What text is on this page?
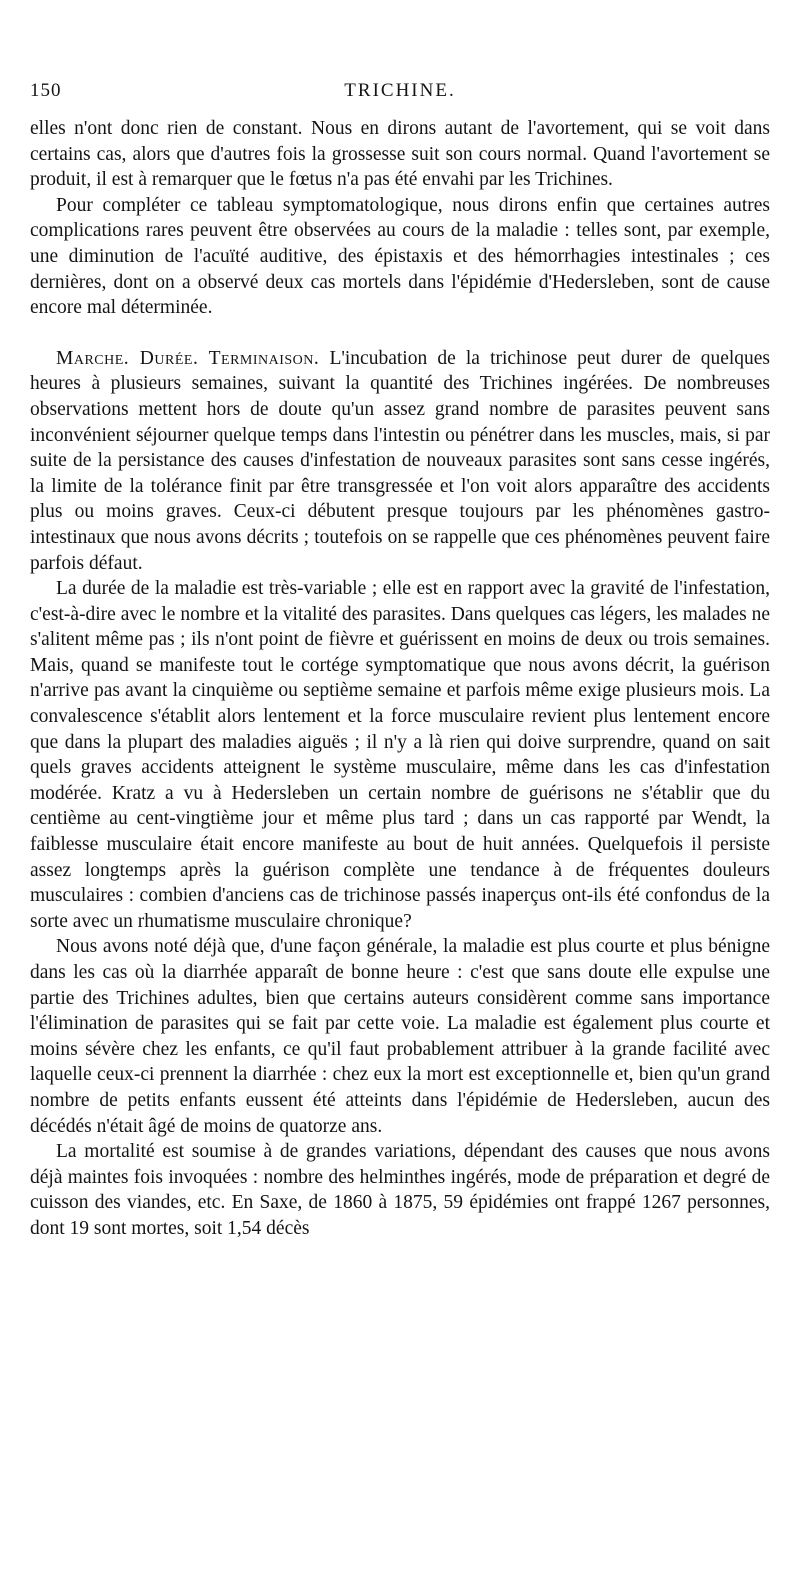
150	TRICHINE.

elles n'ont donc rien de constant. Nous en dirons autant de l'avortement, qui se voit dans certains cas, alors que d'autres fois la grossesse suit son cours normal. Quand l'avortement se produit, il est à remarquer que le fœtus n'a pas été envahi par les Trichines.

Pour compléter ce tableau symptomatologique, nous dirons enfin que certaines autres complications rares peuvent être observées au cours de la maladie : telles sont, par exemple, une diminution de l'acuïté auditive, des épistaxis et des hémorrhagies intestinales ; ces dernières, dont on a observé deux cas mortels dans l'épidémie d'Hedersleben, sont de cause encore mal déterminée.

Marche. Durée. Terminaison. L'incubation de la trichinose peut durer de quelques heures à plusieurs semaines, suivant la quantité des Trichines ingérées. De nombreuses observations mettent hors de doute qu'un assez grand nombre de parasites peuvent sans inconvénient séjourner quelque temps dans l'intestin ou pénétrer dans les muscles, mais, si par suite de la persistance des causes d'infestation de nouveaux parasites sont sans cesse ingérés, la limite de la tolérance finit par être transgressée et l'on voit alors apparaître des accidents plus ou moins graves. Ceux-ci débutent presque toujours par les phénomènes gastro-intestinaux que nous avons décrits ; toutefois on se rappelle que ces phénomènes peuvent faire parfois défaut.

La durée de la maladie est très-variable ; elle est en rapport avec la gravité de l'infestation, c'est-à-dire avec le nombre et la vitalité des parasites. Dans quelques cas légers, les malades ne s'alitent même pas ; ils n'ont point de fièvre et guérissent en moins de deux ou trois semaines. Mais, quand se manifeste tout le cortége symptomatique que nous avons décrit, la guérison n'arrive pas avant la cinquième ou septième semaine et parfois même exige plusieurs mois. La convalescence s'établit alors lentement et la force musculaire revient plus lentement encore que dans la plupart des maladies aiguës ; il n'y a là rien qui doive surprendre, quand on sait quels graves accidents atteignent le système musculaire, même dans les cas d'infestation modérée. Kratz a vu à Hedersleben un certain nombre de guérisons ne s'établir que du centième au cent-vingtième jour et même plus tard ; dans un cas rapporté par Wendt, la faiblesse musculaire était encore manifeste au bout de huit années. Quelquefois il persiste assez longtemps après la guérison complète une tendance à de fréquentes douleurs musculaires : combien d'anciens cas de trichinose passés inaperçus ont-ils été confondus de la sorte avec un rhumatisme musculaire chronique?

Nous avons noté déjà que, d'une façon générale, la maladie est plus courte et plus bénigne dans les cas où la diarrhée apparaît de bonne heure : c'est que sans doute elle expulse une partie des Trichines adultes, bien que certains auteurs considèrent comme sans importance l'élimination de parasites qui se fait par cette voie. La maladie est également plus courte et moins sévère chez les enfants, ce qu'il faut probablement attribuer à la grande facilité avec laquelle ceux-ci prennent la diarrhée : chez eux la mort est exceptionnelle et, bien qu'un grand nombre de petits enfants eussent été atteints dans l'épidémie de Hedersleben, aucun des décédés n'était âgé de moins de quatorze ans.

La mortalité est soumise à de grandes variations, dépendant des causes que nous avons déjà maintes fois invoquées : nombre des helminthes ingérés, mode de préparation et degré de cuisson des viandes, etc. En Saxe, de 1860 à 1875, 59 épidémies ont frappé 1267 personnes, dont 19 sont mortes, soit 1,54 décès
